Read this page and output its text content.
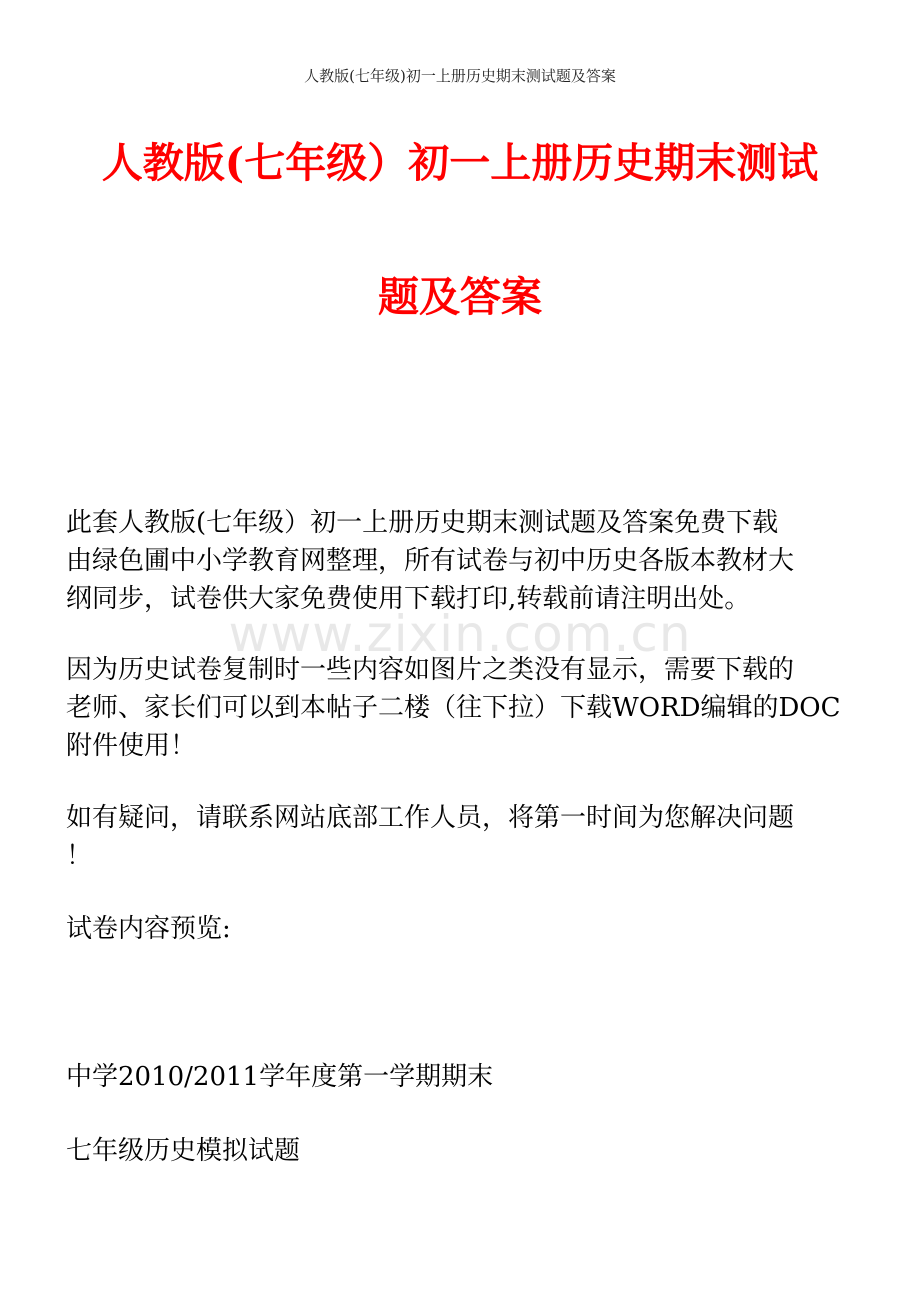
人教版(七年级)初一上册历史期末测试题及答案
人教版(七年级）初一上册历史期末测试
题及答案
www.zixin.com.cn
此套人教版(七年级）初一上册历史期末测试题及答案免费下载
由绿色圃中小学教育网整理，所有试卷与初中历史各版本教材大
纲同步，试卷供大家免费使用下载打印,转载前请注明出处。
因为历史试卷复制时一些内容如图片之类没有显示，需要下载的
老师、家长们可以到本帖子二楼（往下拉）下载WORD编辑的DOC
附件使用！
如有疑问，请联系网站底部工作人员，将第一时间为您解决问题
！
试卷内容预览:
中学2010/2011学年度第一学期期末
七年级历史模拟试题
